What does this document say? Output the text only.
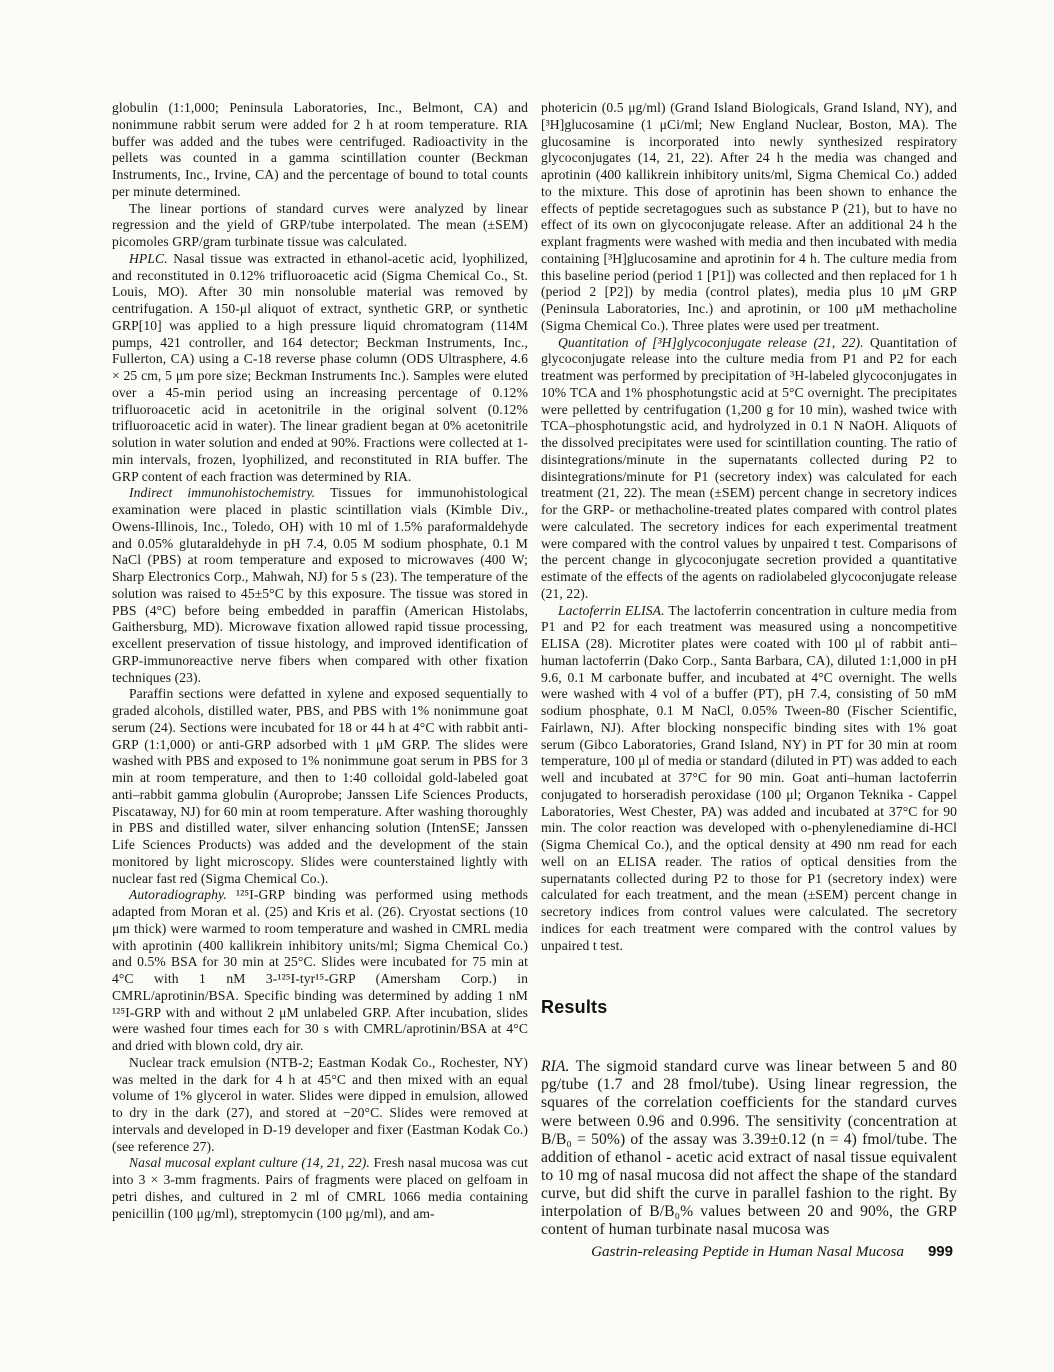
globulin (1:1,000; Peninsula Laboratories, Inc., Belmont, CA) and nonimmune rabbit serum were added for 2 h at room temperature. RIA buffer was added and the tubes were centrifuged. Radioactivity in the pellets was counted in a gamma scintillation counter (Beckman Instruments, Inc., Irvine, CA) and the percentage of bound to total counts per minute determined.

The linear portions of standard curves were analyzed by linear regression and the yield of GRP/tube interpolated. The mean (±SEM) picomoles GRP/gram turbinate tissue was calculated.

HPLC. Nasal tissue was extracted in ethanol-acetic acid, lyophilized, and reconstituted in 0.12% trifluoroacetic acid (Sigma Chemical Co., St. Louis, MO). After 30 min nonsoluble material was removed by centrifugation. A 150-μl aliquot of extract, synthetic GRP, or synthetic GRP[10] was applied to a high pressure liquid chromatogram (114M pumps, 421 controller, and 164 detector; Beckman Instruments, Inc., Fullerton, CA) using a C-18 reverse phase column (ODS Ultrasphere, 4.6 × 25 cm, 5 μm pore size; Beckman Instruments Inc.). Samples were eluted over a 45-min period using an increasing percentage of 0.12% trifluoroacetic acid in acetonitrile in the original solvent (0.12% trifluoroacetic acid in water). The linear gradient began at 0% acetonitrile solution in water solution and ended at 90%. Fractions were collected at 1-min intervals, frozen, lyophilized, and reconstituted in RIA buffer. The GRP content of each fraction was determined by RIA.

Indirect immunohistochemistry. Tissues for immunohistological examination were placed in plastic scintillation vials (Kimble Div., Owens-Illinois, Inc., Toledo, OH) with 10 ml of 1.5% paraformaldehyde and 0.05% glutaraldehyde in pH 7.4, 0.05 M sodium phosphate, 0.1 M NaCl (PBS) at room temperature and exposed to microwaves (400 W; Sharp Electronics Corp., Mahwah, NJ) for 5 s (23). The temperature of the solution was raised to 45±5°C by this exposure. The tissue was stored in PBS (4°C) before being embedded in paraffin (American Histolabs, Gaithersburg, MD). Microwave fixation allowed rapid tissue processing, excellent preservation of tissue histology, and improved identification of GRP-immunoreactive nerve fibers when compared with other fixation techniques (23).

Paraffin sections were defatted in xylene and exposed sequentially to graded alcohols, distilled water, PBS, and PBS with 1% nonimmune goat serum (24). Sections were incubated for 18 or 44 h at 4°C with rabbit anti-GRP (1:1,000) or anti-GRP adsorbed with 1 μM GRP. The slides were washed with PBS and exposed to 1% nonimmune goat serum in PBS for 3 min at room temperature, and then to 1:40 colloidal gold-labeled goat anti–rabbit gamma globulin (Auroprobe; Janssen Life Sciences Products, Piscataway, NJ) for 60 min at room temperature. After washing thoroughly in PBS and distilled water, silver enhancing solution (IntenSE; Janssen Life Sciences Products) was added and the development of the stain monitored by light microscopy. Slides were counterstained lightly with nuclear fast red (Sigma Chemical Co.).

Autoradiography. ¹²⁵I-GRP binding was performed using methods adapted from Moran et al. (25) and Kris et al. (26). Cryostat sections (10 μm thick) were warmed to room temperature and washed in CMRL media with aprotinin (400 kallikrein inhibitory units/ml; Sigma Chemical Co.) and 0.5% BSA for 30 min at 25°C. Slides were incubated for 75 min at 4°C with 1 nM 3-¹²⁵I-tyr¹⁵-GRP (Amersham Corp.) in CMRL/aprotinin/BSA. Specific binding was determined by adding 1 nM ¹²⁵I-GRP with and without 2 μM unlabeled GRP. After incubation, slides were washed four times each for 30 s with CMRL/aprotinin/BSA at 4°C and dried with blown cold, dry air.

Nuclear track emulsion (NTB-2; Eastman Kodak Co., Rochester, NY) was melted in the dark for 4 h at 45°C and then mixed with an equal volume of 1% glycerol in water. Slides were dipped in emulsion, allowed to dry in the dark (27), and stored at −20°C. Slides were removed at intervals and developed in D-19 developer and fixer (Eastman Kodak Co.) (see reference 27).

Nasal mucosal explant culture (14, 21, 22). Fresh nasal mucosa was cut into 3 × 3-mm fragments. Pairs of fragments were placed on gelfoam in petri dishes, and cultured in 2 ml of CMRL 1066 media containing penicillin (100 μg/ml), streptomycin (100 μg/ml), and am-

photericin (0.5 μg/ml) (Grand Island Biologicals, Grand Island, NY), and [³H]glucosamine (1 μCi/ml; New England Nuclear, Boston, MA). The glucosamine is incorporated into newly synthesized respiratory glycoconjugates (14, 21, 22). After 24 h the media was changed and aprotinin (400 kallikrein inhibitory units/ml, Sigma Chemical Co.) added to the mixture. This dose of aprotinin has been shown to enhance the effects of peptide secretagogues such as substance P (21), but to have no effect of its own on glycoconjugate release. After an additional 24 h the explant fragments were washed with media and then incubated with media containing [³H]glucosamine and aprotinin for 4 h. The culture media from this baseline period (period 1 [P1]) was collected and then replaced for 1 h (period 2 [P2]) by media (control plates), media plus 10 μM GRP (Peninsula Laboratories, Inc.) and aprotinin, or 100 μM methacholine (Sigma Chemical Co.). Three plates were used per treatment.

Quantitation of [³H]glycoconjugate release (21, 22). Quantitation of glycoconjugate release into the culture media from P1 and P2 for each treatment was performed by precipitation of ³H-labeled glycoconjugates in 10% TCA and 1% phosphotungstic acid at 5°C overnight. The precipitates were pelletted by centrifugation (1,200 g for 10 min), washed twice with TCA–phosphotungstic acid, and hydrolyzed in 0.1 N NaOH. Aliquots of the dissolved precipitates were used for scintillation counting. The ratio of disintegrations/minute in the supernatants collected during P2 to disintegrations/minute for P1 (secretory index) was calculated for each treatment (21, 22). The mean (±SEM) percent change in secretory indices for the GRP- or methacholine-treated plates compared with control plates were calculated. The secretory indices for each experimental treatment were compared with the control values by unpaired t test. Comparisons of the percent change in glycoconjugate secretion provided a quantitative estimate of the effects of the agents on radiolabeled glycoconjugate release (21, 22).

Lactoferrin ELISA. The lactoferrin concentration in culture media from P1 and P2 for each treatment was measured using a noncompetitive ELISA (28). Microtiter plates were coated with 100 μl of rabbit anti–human lactoferrin (Dako Corp., Santa Barbara, CA), diluted 1:1,000 in pH 9.6, 0.1 M carbonate buffer, and incubated at 4°C overnight. The wells were washed with 4 vol of a buffer (PT), pH 7.4, consisting of 50 mM sodium phosphate, 0.1 M NaCl, 0.05% Tween-80 (Fischer Scientific, Fairlawn, NJ). After blocking nonspecific binding sites with 1% goat serum (Gibco Laboratories, Grand Island, NY) in PT for 30 min at room temperature, 100 μl of media or standard (diluted in PT) was added to each well and incubated at 37°C for 90 min. Goat anti–human lactoferrin conjugated to horseradish peroxidase (100 μl; Organon Teknika - Cappel Laboratories, West Chester, PA) was added and incubated at 37°C for 90 min. The color reaction was developed with o-phenylenediamine di-HCl (Sigma Chemical Co.), and the optical density at 490 nm read for each well on an ELISA reader. The ratios of optical densities from the supernatants collected during P2 to those for P1 (secretory index) were calculated for each treatment, and the mean (±SEM) percent change in secretory indices from control values were calculated. The secretory indices for each treatment were compared with the control values by unpaired t test.

Results

RIA. The sigmoid standard curve was linear between 5 and 80 pg/tube (1.7 and 28 fmol/tube). Using linear regression, the squares of the correlation coefficients for the standard curves were between 0.96 and 0.996. The sensitivity (concentration at B/B₀ = 50%) of the assay was 3.39±0.12 (n = 4) fmol/tube. The addition of ethanol - acetic acid extract of nasal tissue equivalent to 10 mg of nasal mucosa did not affect the shape of the standard curve, but did shift the curve in parallel fashion to the right. By interpolation of B/B₀% values between 20 and 90%, the GRP content of human turbinate nasal mucosa was

Gastrin-releasing Peptide in Human Nasal Mucosa 999
